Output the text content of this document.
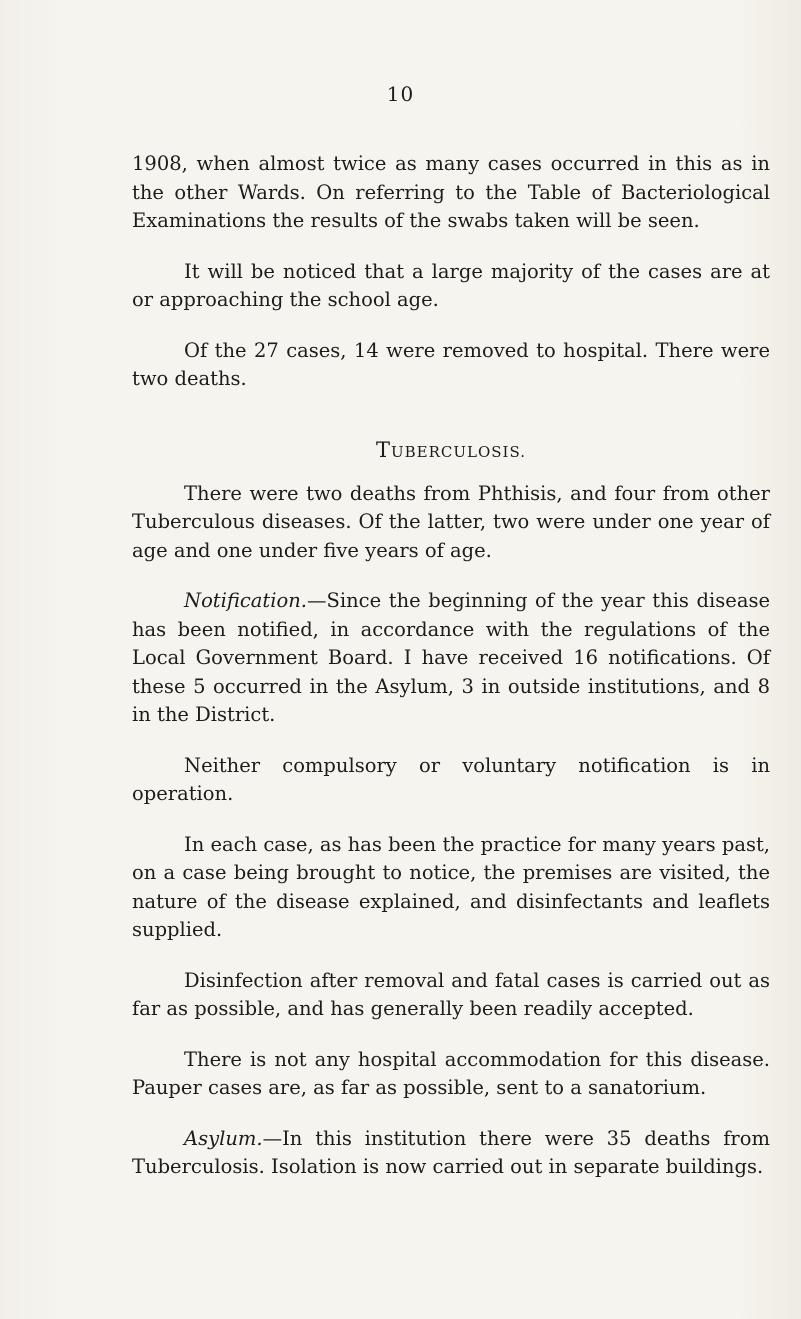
10

1908, when almost twice as many cases occurred in this as in the other Wards. On referring to the Table of Bacteriological Examinations the results of the swabs taken will be seen.

It will be noticed that a large majority of the cases are at or approaching the school age.

Of the 27 cases, 14 were removed to hospital. There were two deaths.

TUBERCULOSIS.

There were two deaths from Phthisis, and four from other Tuberculous diseases. Of the latter, two were under one year of age and one under five years of age.

Notification.—Since the beginning of the year this disease has been notified, in accordance with the regulations of the Local Government Board. I have received 16 notifications. Of these 5 occurred in the Asylum, 3 in outside institutions, and 8 in the District.

Neither compulsory or voluntary notification is in operation.

In each case, as has been the practice for many years past, on a case being brought to notice, the premises are visited, the nature of the disease explained, and disinfectants and leaflets supplied.

Disinfection after removal and fatal cases is carried out as far as possible, and has generally been readily accepted.

There is not any hospital accommodation for this disease. Pauper cases are, as far as possible, sent to a sanatorium.

Asylum.—In this institution there were 35 deaths from Tuberculosis. Isolation is now carried out in separate buildings.
